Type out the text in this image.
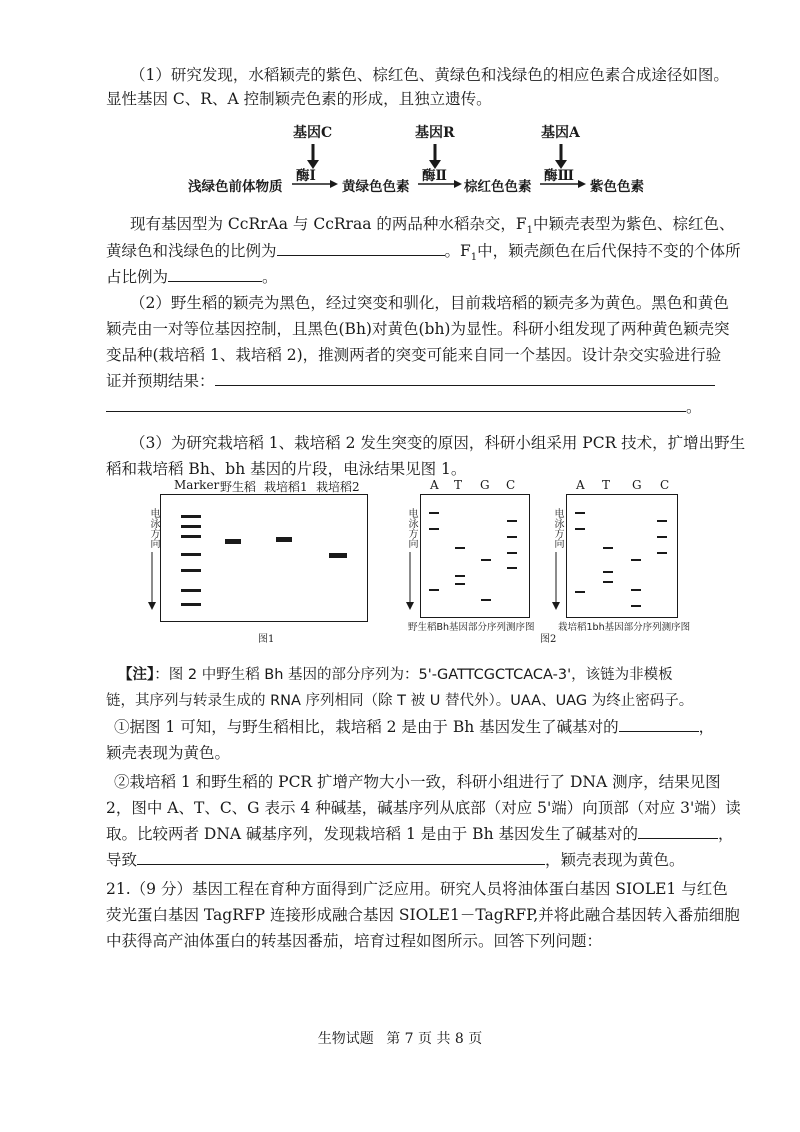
（1）研究发现，水稻颖壳的紫色、棕红色、黄绿色和浅绿色的相应色素合成途径如图。
显性基因 C、R、A 控制颖壳色素的形成，且独立遗传。
基因C	基因R	基因A
浅绿色前体物质
酶Ⅰ
黄绿色色素
酶Ⅱ
棕红色色素
酶Ⅲ
紫色色素
现有基因型为 CcRrAa 与 CcRraa 的两品种水稻杂交，$F_1$中颖壳表型为紫色、棕红色、
黄绿色和浅绿色的比例为	。$F_1$中，颖壳颜色在后代保持不变的个体所
占比例为	。
（2）野生稻的颖壳为黑色，经过突变和驯化，目前栽培稻的颖壳多为黄色。黑色和黄色
颖壳由一对等位基因控制，且黑色(Bh)对黄色(bh)为显性。科研小组发现了两种黄色颖壳突
变品种(栽培稻 1、栽培稻 2)，推测两者的突变可能来自同一个基因。设计杂交实验进行验
证并预期结果：
。
（3）为研究栽培稻 1、栽培稻 2 发生突变的原因，科研小组采用 PCR 技术，扩增出野生
稻和栽培稻 Bh、bh 基因的片段，电泳结果见图 1。
Marker 野生稻 栽培稻1 栽培稻2
电泳方向
图1
A T G C
电泳方向
野生稻Bh基因部分序列测序图
A T G C
电泳方向
栽培稻1bh基因部分序列测序图
图2
【注】：图 2 中野生稻 Bh 基因的部分序列为：5'-GATTCGCTCACA-3'，该链为非模板
链，其序列与转录生成的 RNA 序列相同（除 T 被 U 替代外）。UAA、UAG 为终止密码子。
①据图 1 可知，与野生稻相比，栽培稻 2 是由于 Bh 基因发生了碱基对的	，
颖壳表现为黄色。
②栽培稻 1 和野生稻的 PCR 扩增产物大小一致，科研小组进行了 DNA 测序，结果见图
2，图中 A、T、C、G 表示 4 种碱基，碱基序列从底部（对应 5'端）向顶部（对应 3'端）读
取。比较两者 DNA 碱基序列，发现栽培稻 1 是由于 Bh 基因发生了碱基对的	，
导致	，颖壳表现为黄色。
21.（9 分）基因工程在育种方面得到广泛应用。研究人员将油体蛋白基因 SIOLE1 与红色
荧光蛋白基因 TagRFP 连接形成融合基因 SIOLE1－TagRFP,并将此融合基因转入番茄细胞
中获得高产油体蛋白的转基因番茄，培育过程如图所示。回答下列问题：
生物试题 第 7 页 共 8 页
